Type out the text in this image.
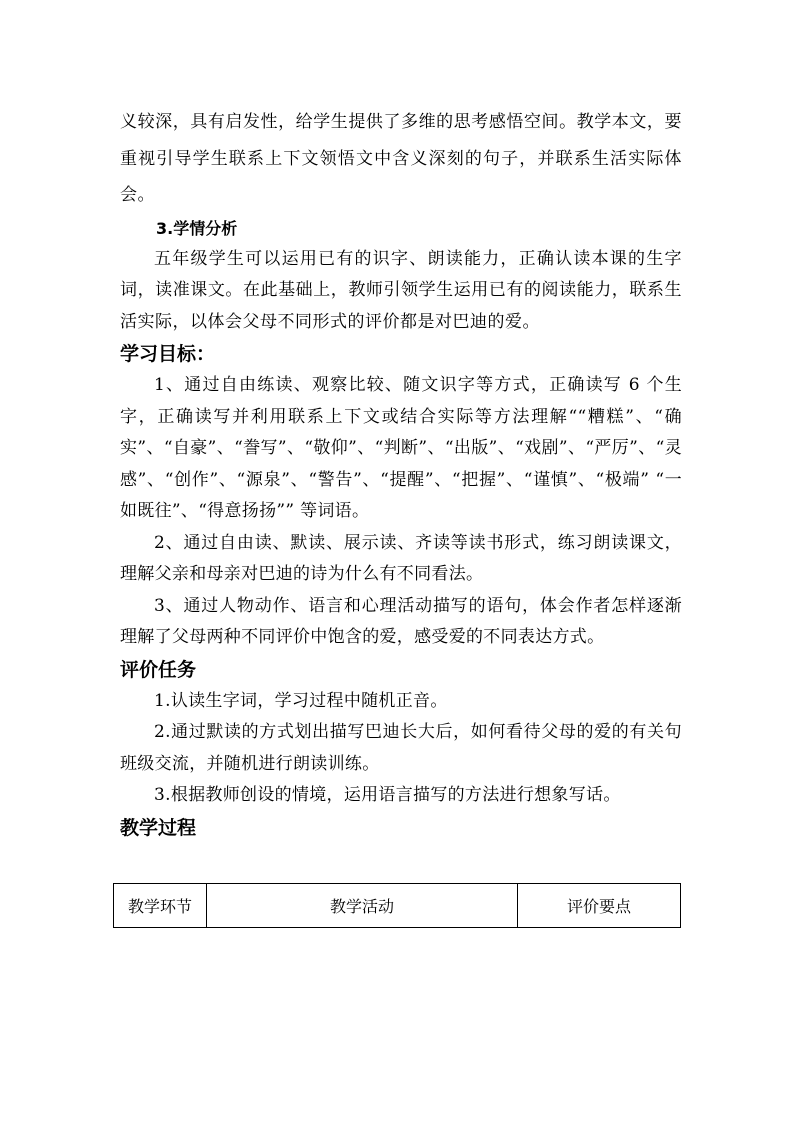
义较深，具有启发性，给学生提供了多维的思考感悟空间。教学本文，要重视引导学生联系上下文领悟文中含义深刻的句子，并联系生活实际体会。

3.学情分析

五年级学生可以运用已有的识字、朗读能力，正确认读本课的生字词，读准课文。在此基础上，教师引领学生运用已有的阅读能力，联系生活实际，以体会父母不同形式的评价都是对巴迪的爱。

学习目标：

1、通过自由练读、观察比较、随文识字等方式，正确读写 6 个生字，正确读写并利用联系上下文或结合实际等方法理解““糟糕”、“确实”、“自豪”、“誊写”、“敬仰”、“判断”、“出版”、“戏剧”、“严厉”、“灵感”、“创作”、“源泉”、“警告”、“提醒”、“把握”、“谨慎”、“极端” “一如既往”、“得意扬扬”” 等词语。

2、通过自由读、默读、展示读、齐读等读书形式，练习朗读课文，理解父亲和母亲对巴迪的诗为什么有不同看法。

3、通过人物动作、语言和心理活动描写的语句，体会作者怎样逐渐理解了父母两种不同评价中饱含的爱，感受爱的不同表达方式。

评价任务

1.认读生字词，学习过程中随机正音。

2.通过默读的方式划出描写巴迪长大后，如何看待父母的爱的有关句班级交流，并随机进行朗读训练。

3.根据教师创设的情境，运用语言描写的方法进行想象写话。

教学过程

教学环节	教学活动	评价要点
